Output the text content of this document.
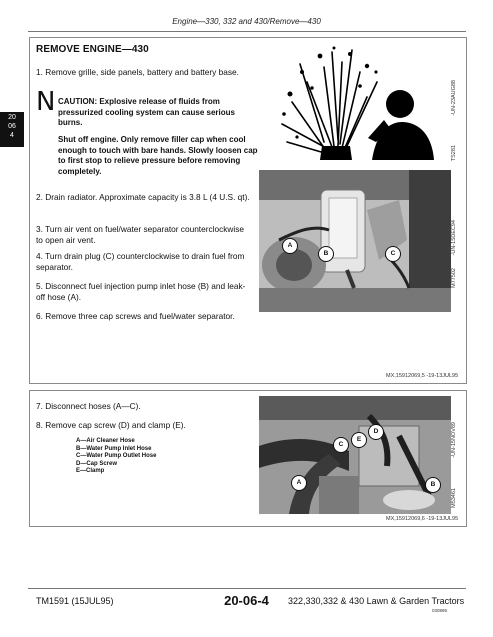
Engine—330, 332 and 430/Remove—430
20
06
4
REMOVE ENGINE—430
1. Remove grille, side panels, battery and battery base.
N CAUTION: Explosive release of fluids from pressurized cooling system can cause serious burns.
Shut off engine. Only remove filler cap when cool enough to touch with bare hands. Slowly loosen cap to first stop to relieve pressure before removing completely.
2. Drain radiator. Approximate capacity is 3.8 L (4 U.S. qt).
3. Turn air vent on fuel/water separator counterclockwise to open air vent.
4. Turn drain plug (C) counterclockwise to drain fuel from separator.
5. Disconnect fuel injection pump inlet hose (B) and leak-off hose (A).
6. Remove three cap screws and fuel/water separator.
-UN-23AUG88
TS281
A
B	C	-UN-15DEC94
M77502
MX,15912069,5 -19-13JUL95
7. Disconnect hoses (A—C).
8. Remove cap screw (D) and clamp (E).
A—Air Cleaner Hose
B—Water Pump Inlet Hose
C—Water Pump Outlet Hose
D—Cap Screw
E—Clamp
C
E
D
A	B
-UN-15NOV89
M53461
MX,15912069,6 -19-13JUL95
TM1591 (15JUL95)	20-06-4	322,330,332 & 430 Lawn & Garden Tractors
030895
